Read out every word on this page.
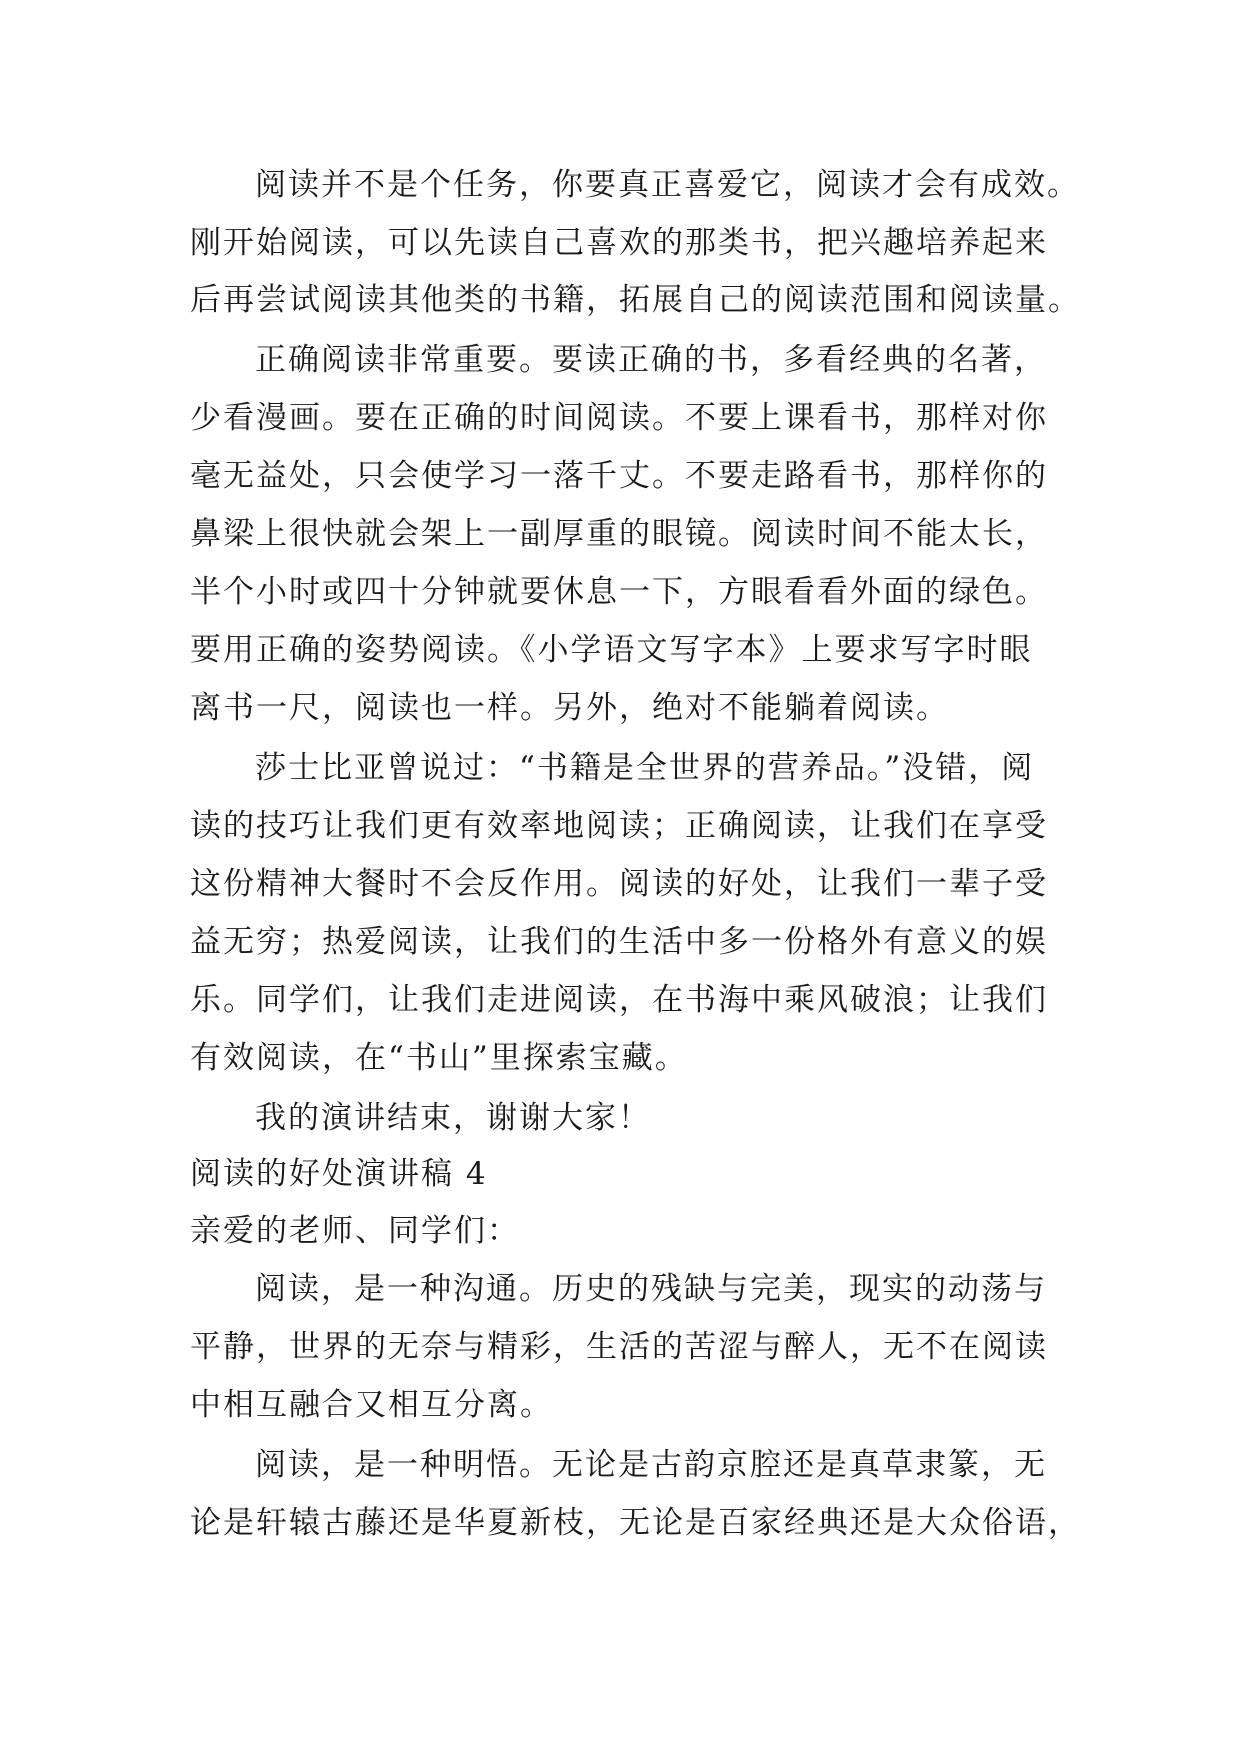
阅读并不是个任务，你要真正喜爱它，阅读才会有成效。
刚开始阅读，可以先读自己喜欢的那类书，把兴趣培养起来
后再尝试阅读其他类的书籍，拓展自己的阅读范围和阅读量。
正确阅读非常重要。要读正确的书，多看经典的名著，
少看漫画。要在正确的时间阅读。不要上课看书，那样对你
毫无益处，只会使学习一落千丈。不要走路看书，那样你的
鼻梁上很快就会架上一副厚重的眼镜。阅读时间不能太长，
半个小时或四十分钟就要休息一下，方眼看看外面的绿色。
要用正确的姿势阅读。《小学语文写字本》上要求写字时眼
离书一尺，阅读也一样。另外，绝对不能躺着阅读。
莎士比亚曾说过：“书籍是全世界的营养品。”没错，阅
读的技巧让我们更有效率地阅读；正确阅读，让我们在享受
这份精神大餐时不会反作用。阅读的好处，让我们一辈子受
益无穷；热爱阅读，让我们的生活中多一份格外有意义的娱
乐。同学们，让我们走进阅读，在书海中乘风破浪；让我们
有效阅读，在“书山”里探索宝藏。
我的演讲结束，谢谢大家！
阅读的好处演讲稿 4
亲爱的老师、同学们：
阅读，是一种沟通。历史的残缺与完美，现实的动荡与
平静，世界的无奈与精彩，生活的苦涩与醉人，无不在阅读
中相互融合又相互分离。
阅读，是一种明悟。无论是古韵京腔还是真草隶篆，无
论是轩辕古藤还是华夏新枝，无论是百家经典还是大众俗语，
